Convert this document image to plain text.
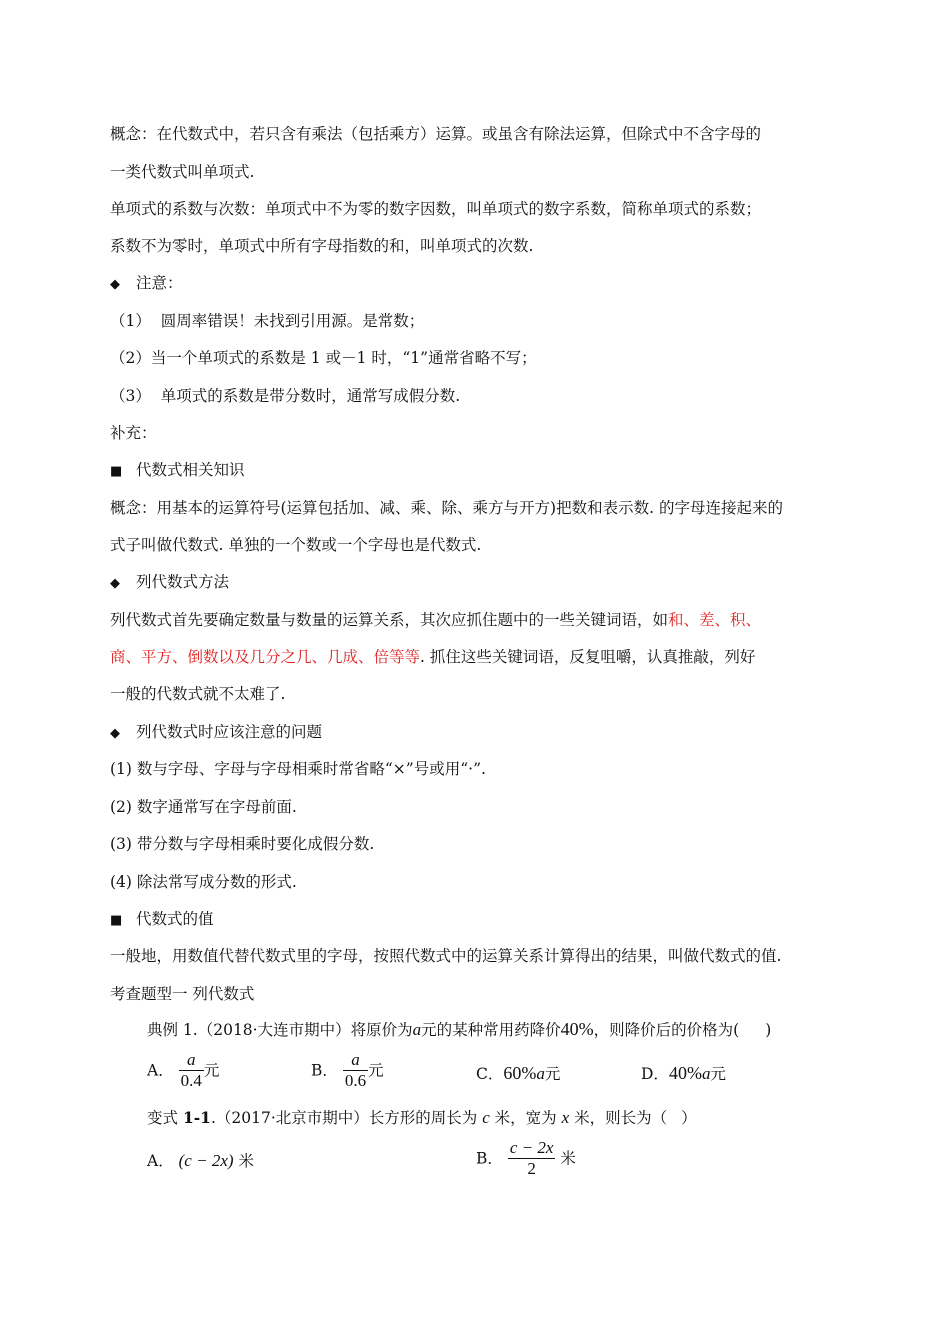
概念：在代数式中，若只含有乘法（包括乘方）运算。或虽含有除法运算，但除式中不含字母的
一类代数式叫单项式.
单项式的系数与次数：单项式中不为零的数字因数，叫单项式的数字系数，简称单项式的系数；
系数不为零时，单项式中所有字母指数的和，叫单项式的次数.
◆ 注意：
（1） 圆周率错误！未找到引用源。是常数；
（2）当一个单项式的系数是 1 或－1 时，“1”通常省略不写；
（3） 单项式的系数是带分数时，通常写成假分数.
补充：
■ 代数式相关知识
概念：用基本的运算符号(运算包括加、减、乘、除、乘方与开方)把数和表示数. 的字母连接起来的
式子叫做代数式. 单独的一个数或一个字母也是代数式.
◆ 列代数式方法
列代数式首先要确定数量与数量的运算关系，其次应抓住题中的一些关键词语，如和、差、积、
商、平方、倒数以及几分之几、几成、倍等等. 抓住这些关键词语，反复咀嚼，认真推敲，列好
一般的代数式就不太难了.
◆ 列代数式时应该注意的问题
(1) 数与字母、字母与字母相乘时常省略“×”号或用“·”.
(2) 数字通常写在字母前面.
(3) 带分数与字母相乘时要化成假分数.
(4) 除法常写成分数的形式.
■ 代数式的值
一般地，用数值代替代数式里的字母，按照代数式中的运算关系计算得出的结果，叫做代数式的值.
考查题型一 列代数式
典例 1.（2018·大连市期中）将原价为a元的某种常用药降价40%，则降价后的价格为( )
A． $\frac{a}{0.4}$ 元	B． $\frac{a}{0.6}$ 元	C．60%a元	D．40%a元
变式 1-1.（2017·北京市期中）长方形的周长为 c 米，宽为 x 米，则长为（ ）
A． (c − 2x) 米	B． $\frac{c - 2x}{2}$ 米
